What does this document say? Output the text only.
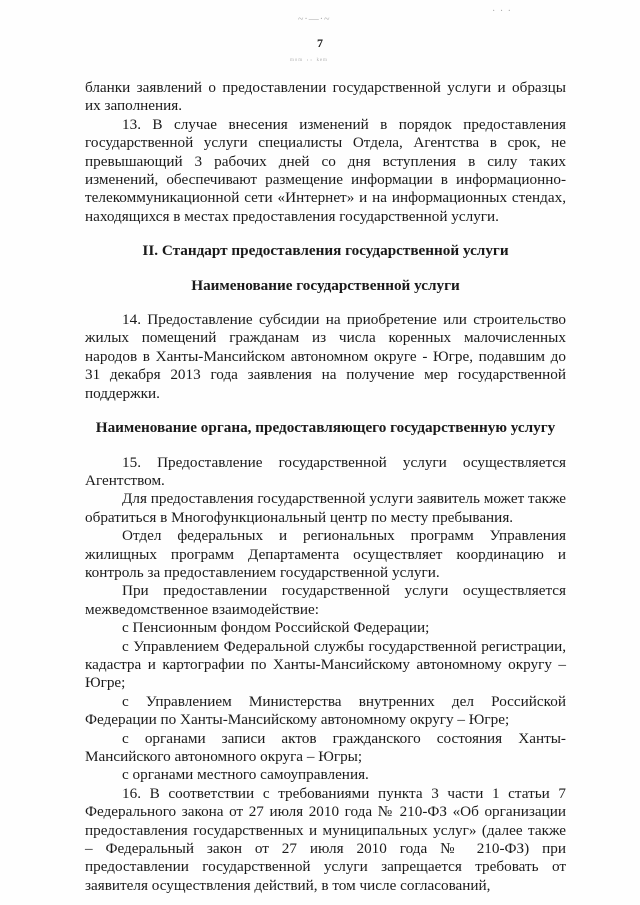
~·—·~
· · ·
7
ᵐᵒᵐ ·· ᵏᵉᵐ

бланки заявлений о предоставлении государственной услуги и образцы их заполнения.

13. В случае внесения изменений в порядок предоставления государственной услуги специалисты Отдела, Агентства в срок, не превышающий 3 рабочих дней со дня вступления в силу таких изменений, обеспечивают размещение информации в информационно-телекоммуникационной сети «Интернет» и на информационных стендах, находящихся в местах предоставления государственной услуги.

II. Стандарт предоставления государственной услуги

Наименование государственной услуги

14. Предоставление субсидии на приобретение или строительство жилых помещений гражданам из числа коренных малочисленных народов в Ханты-Мансийском автономном округе - Югре, подавшим до 31 декабря 2013 года заявления на получение мер государственной поддержки.

Наименование органа, предоставляющего государственную услугу

15. Предоставление государственной услуги осуществляется Агентством.

Для предоставления государственной услуги заявитель может также обратиться в Многофункциональный центр по месту пребывания.

Отдел федеральных и региональных программ Управления жилищных программ Департамента осуществляет координацию и контроль за предоставлением государственной услуги.

При предоставлении государственной услуги осуществляется межведомственное взаимодействие:

с Пенсионным фондом Российской Федерации;

с Управлением Федеральной службы государственной регистрации, кадастра и картографии по Ханты-Мансийскому автономному округу – Югре;

с Управлением Министерства внутренних дел Российской Федерации по Ханты-Мансийскому автономному округу – Югре;

с органами записи актов гражданского состояния Ханты-Мансийского автономного округа – Югры;

с органами местного самоуправления.

16. В соответствии с требованиями пункта 3 части 1 статьи 7 Федерального закона от 27 июля 2010 года № 210-ФЗ «Об организации предоставления государственных и муниципальных услуг» (далее также – Федеральный закон от 27 июля 2010 года № 210-ФЗ) при предоставлении государственной услуги запрещается требовать от заявителя осуществления действий, в том числе согласований,
